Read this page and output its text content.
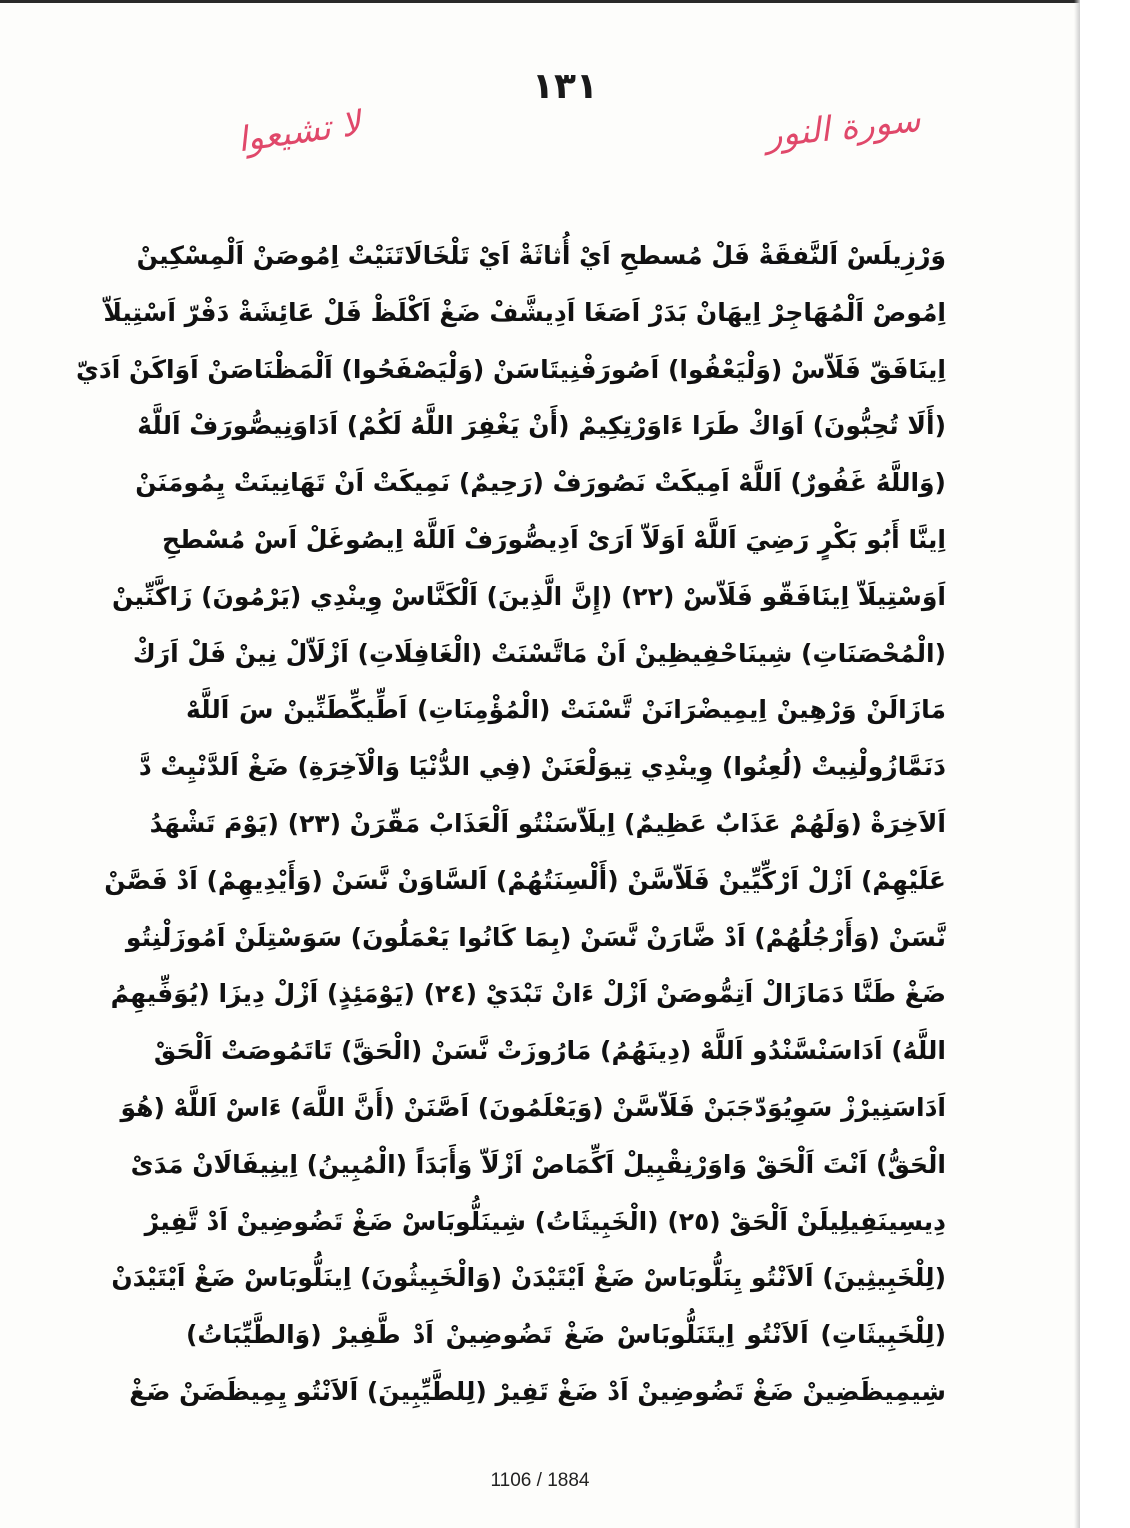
١٣١
سورة النور
لا تشيعوا
وَرْزِيلَسْ اَلنَّفقَةْ فَلْ مُسطحِ اَيْ أُثاثَةْ اَيْ تَلْخَالَاتَنَيْتْ اِمُوصَنْ اَلْمِسْكِينْ
اِمُوصْ اَلْمُهَاجِرْ اِيهَانْ بَدَرْ اَصَغَا اَدِيشَّفْ ضَغْ اَكْلَظْ فَلْ عَائِشَةْ دَفْرّ اَسْتِيلَاّ
اِينَافَقّ فَلَاّسْ (وَلْيَعْفُوا) اَصُورَفْنِيتَاسَنْ (وَلْيَصْفَحُوا) اَلْمَظْنَاصَنْ اَوَاكَنْ اَدَيّ
(أَلَا تُحِبُّونَ) اَوَاكْ طَرَا ءَاوَرْتِكِيمْ (أَنْ يَغْفِرَ اللَّهُ لَكُمْ) اَدَاوَنِيصُّورَفْ اَللَّهْ
(وَاللَّهُ غَفُورٌ) اَللَّهْ اَمِيكَتْ نَصُورَفْ (رَحِيمٌ) نَمِيكَتْ اَنْ تَهَانِينَتْ يِمُومَنَنْ
اِينَّا أَبُو بَكْرٍ رَضِيَ اَللَّهْ اَوَلَاّ اَرَىْ اَدِيصُّورَفْ اَللَّهْ اِيصُوغَلْ اَسْ مُسْطحِ
اَوَسْتِيلَاّ اِينَافَقّو فَلَاّسْ (٢٢) (إِنَّ الَّذِينَ) اَلْكَنَّاسْ وِينْدِي (يَرْمُونَ) زَاكَّنِّينْ
(الْمُحْصَنَاتِ) شِينَاحْفِيظِينْ اَنْ مَاتَّسْنَتْ (الْغَافِلَاتِ) اَزْلَاّلْ نِينْ فَلْ اَرَكْ
مَازَالَنْ وَرْهِينْ اِيمِيضْرَانَنْ تَّسْنَتْ (الْمُؤْمِنَاتِ) اَطِّيكِّطَنِّينْ سَ اَللَّهْ
دَنَمَّازُولْنِيتْ (لُعِنُوا) وِينْدِي تِيوَلْعَنَنْ (فِي الدُّنْيَا وَالْآخِرَةِ) ضَغْ اَلدَّنْيِتْ دَّ
اَلاَخِرَةْ (وَلَهُمْ عَذَابٌ عَظِيمٌ) اِيلَاّسَنْتُو اَلْعَذَابْ مَقّرَنْ (٢٣) (يَوْمَ تَشْهَدُ
عَلَيْهِمْ) اَزْلْ اَرْكِّيِّينْ فَلَاّسَّنْ (أَلْسِنَتُهُمْ) اَلسَّاوَنْ نَّسَنْ (وَأَيْدِيهِمْ) اَدْ فَصَّنْ
نَّسَنْ (وَأَرْجُلُهُمْ) اَدْ ضَّارَنْ نَّسَنْ (بِمَا كَانُوا يَعْمَلُونَ) سَوَسْتِلَنْ اَمُوزَلْنِتُو
ضَغْ طَنَّا دَمَازَالْ اَتِمُّوصَنْ اَزْلْ ءَانْ تَبْدَيْ (٢٤) (يَوْمَئِذٍ) اَزْلْ دِيزَا (يُوَفِّيهِمُ
اللَّهُ) اَدَاسَنْسَّنْدُو اَللَّهْ (دِينَهُمُ) مَارُوزَتْ نَّسَنْ (الْحَقَّ) تَاتَمُوصَتْ اَلْحَقْ
اَدَاسَنِيرْزْ سَوِيُوَدّجَبَنْ فَلَاّسَّنْ (وَيَعْلَمُونَ) اَصَّنَنْ (أَنَّ اللَّهَ) ءَاسْ اَللَّهْ (هُوَ
الْحَقُّ) اَنْتَ اَلْحَقْ وَاوَرْنِقْبِيلْ اَكِّمَاصْ اَزْلَاّ وَأَبَدَاً (الْمُبِينُ) اِينِيفَالَانْ مَدَىْ
دِيسِينَفِيلِيلَنْ اَلْحَقْ (٢٥) (الْخَبِيثَاتُ) شِينَلُّوبَاسْ ضَغْ تَضُوضِينْ اَدْ تَّفِيرْ
(لِلْخَبِيثِينَ) اَلاَنْتُو يِنَلُّوبَاسْ ضَغْ اَيْتَيْدَنْ (وَالْخَبِيثُونَ) اِينَلُّوبَاسْ ضَغْ اَيْتَيْدَنْ
(لِلْخَبِيثَاتِ) اَلاَنْتُو اِيتَنَلُّوبَاسْ ضَغْ تَضُوضِينْ اَدْ طَّفِيرْ (وَالطَّيِّبَاتُ)
شِيمِيظَضِينْ ضَغْ تَضُوضِينْ اَدْ ضَغْ تَفِيرْ (لِلطَّيِّبِينَ) اَلاَنْتُو يِمِيظَضَنْ ضَغْ
1106 / 1884
